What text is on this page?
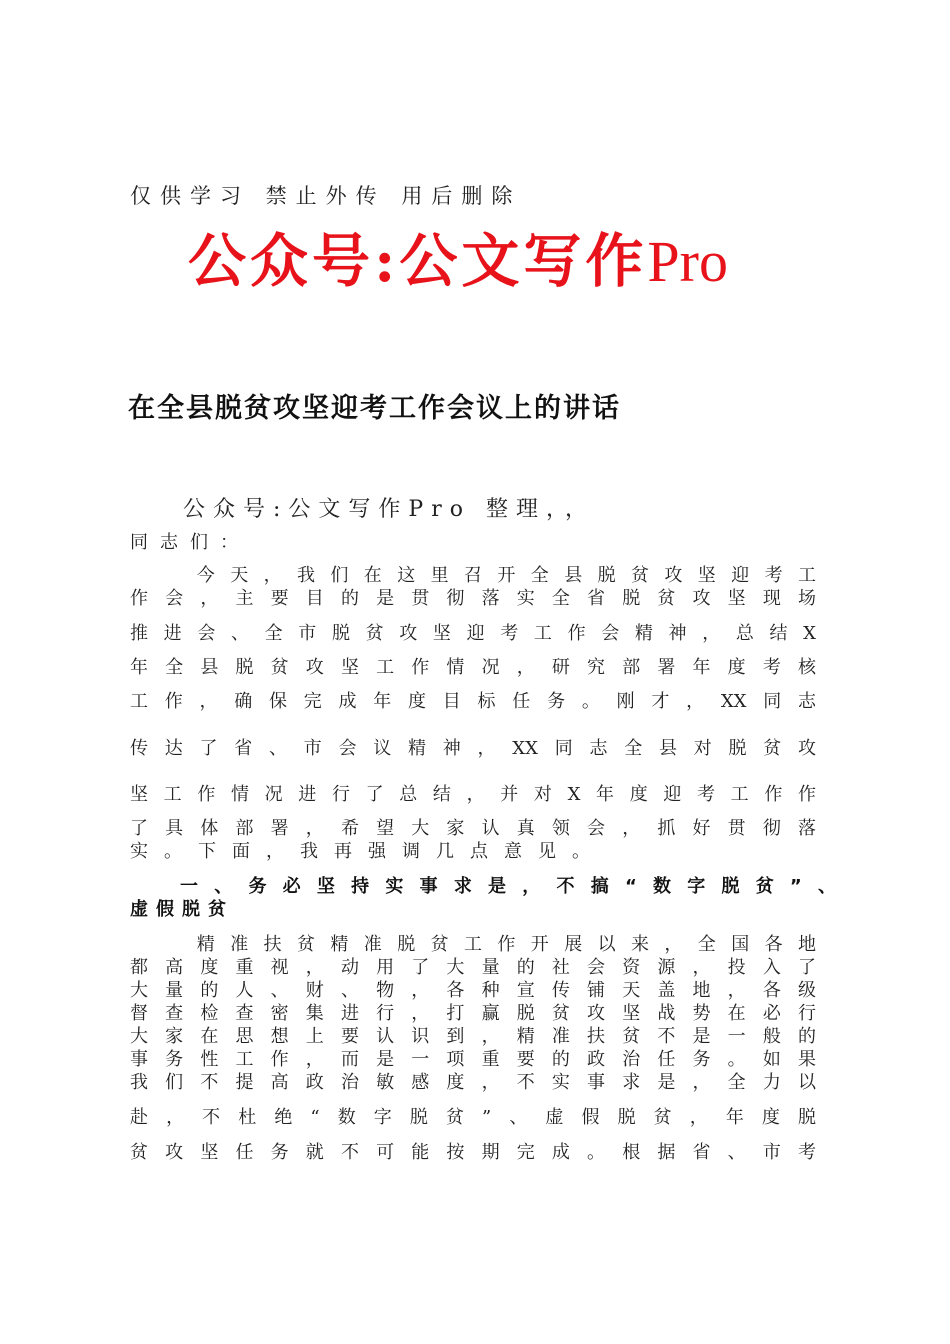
仅供学习 禁止外传 用后删除
公众号:公文写作Pro
在全县脱贫攻坚迎考工作会议上的讲话
公众号:公文写作Pro 整理，，
同志们：
　　今天，我们在这里召开全县脱贫攻坚迎考工
作会，主要目的是贯彻落实全省脱贫攻坚现场
推进会、全市脱贫攻坚迎考工作会精神，总结X
年全县脱贫攻坚工作情况，研究部署年度考核
工作，确保完成年度目标任务。刚才，XX同志
传达了省、市会议精神，XX同志全县对脱贫攻
坚工作情况进行了总结，并对X年度迎考工作作
了具体部署，希望大家认真领会，抓好贯彻落
实。下面，我再强调几点意见。
一、务必坚持实事求是，不搞“数字脱贫”、
虚假脱贫
　　精准扶贫精准脱贫工作开展以来，全国各地
都高度重视，动用了大量的社会资源，投入了
大量的人、财、物，各种宣传铺天盖地，各级
督查检查密集进行，打赢脱贫攻坚战势在必行
大家在思想上要认识到，精准扶贫不是一般的
事务性工作，而是一项重要的政治任务。如果
我们不提高政治敏感度，不实事求是，全力以
赴，不杜绝“数字脱贫”、虚假脱贫，年度脱
贫攻坚任务就不可能按期完成。根据省、市考
